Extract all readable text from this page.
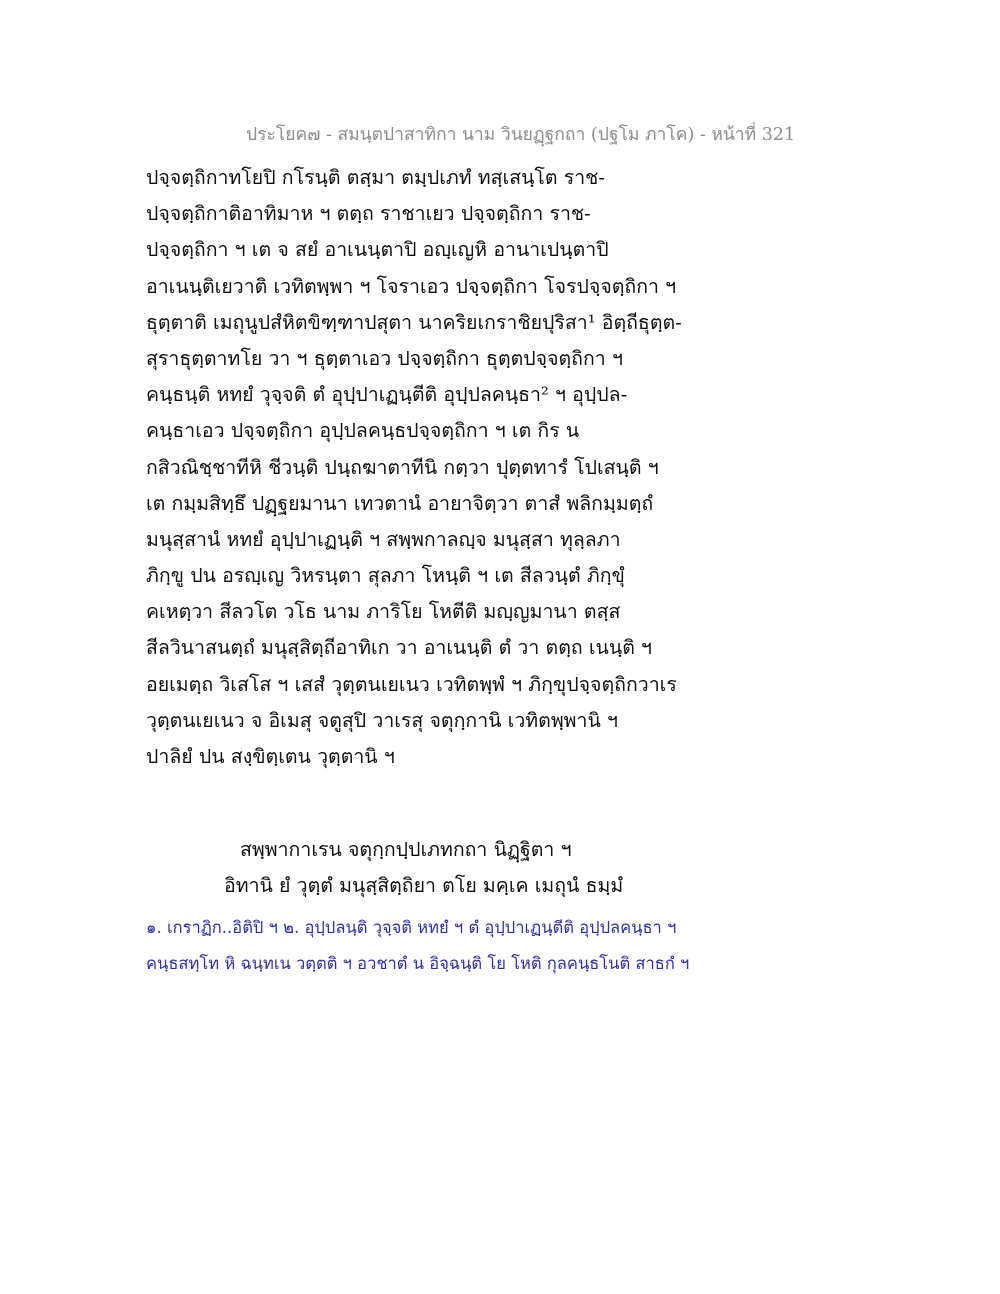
ประโยค๗ - สมนฺตปาสาทิกา นาม วินยฏฺฐกถา (ปฐโม ภาโค) - หน้าที่ 321
ปจฺจตฺถิกาทโยปิ กโรนฺติ ตสฺมา ตมฺปเภทํ ทสฺเสนฺโต ราช-
ปจฺจตฺถิกาติอาทิมาห ฯ ตตฺถ ราชาเยว ปจฺจตฺถิกา ราช-
ปจฺจตฺถิกา ฯ เต จ สยํ อาเนนฺตาปิ อญฺเญหิ อานาเปนฺตาปิ
อาเนนฺติเยวาติ เวทิตพฺพา ฯ โจราเอว ปจฺจตฺถิกา โจรปจฺจตฺถิกา ฯ
ธุตฺตาติ เมถุนูปสํหิตขิฑฺฑาปสุตา นาคริยเกราชิยปุริสา¹ อิตฺถีธุตฺต-
สุราธุตฺตาทโย วา ฯ ธุตฺตาเอว ปจฺจตฺถิกา ธุตฺตปจฺจตฺถิกา ฯ
คนฺธนฺติ หทยํ วุจฺจติ ตํ อุปฺปาเฏนฺตีติ อุปฺปลคนฺธา² ฯ อุปฺปล-
คนฺธาเอว ปจฺจตฺถิกา อุปฺปลคนฺธปจฺจตฺถิกา ฯ เต กิร น
กสิวณิชฺชาทีหิ ชีวนฺติ ปนฺถฆาตาทีนิ กตฺวา ปุตฺตทารํ โปเสนฺติ ฯ
เต กมฺมสิทฺธึ ปฏฺฐยมานา เทวตานํ อายาจิตฺวา ตาสํ พลิกมฺมตฺถํ
มนุสฺสานํ หทยํ อุปฺปาเฏนฺติ ฯ สพฺพกาลญฺจ มนุสฺสา ทุลฺลภา
ภิกฺขู ปน อรญฺเญ วิหรนฺตา สุลภา โหนฺติ ฯ เต สีลวนฺตํ ภิกฺขุํ
คเหตฺวา สีลวโต วโธ นาม ภาริโย โหตีติ มญฺญมานา ตสฺส
สีลวินาสนตฺถํ มนุสฺสิตฺถีอาทิเก วา อาเนนฺติ ตํ วา ตตฺถ เนนฺติ ฯ
อยเมตฺถ วิเสโส ฯ เสสํ วุตฺตนเยเนว เวทิตพฺพํ ฯ ภิกฺขุปจฺจตฺถิกวาเร
วุตฺตนเยเนว จ อิเมสุ จตูสุปิ วาเรสุ จตุกฺกานิ เวทิตพฺพานิ ฯ
ปาลิยํ ปน สงฺขิตฺเตน วุตฺตานิ ฯ
สพฺพากาเรน จตุกฺกปฺปเภทกถา นิฏฺฐิตา ฯ
อิทานิ ยํ วุตฺตํ มนุสฺสิตฺถิยา ตโย มคฺเค เมถุนํ ธมฺมํ
๑. เกราฏิก..อิติปิ ฯ ๒. อุปฺปลนฺติ วุจฺจติ หทยํ ฯ ตํ อุปฺปาเฏนฺตีติ อุปฺปลคนฺธา ฯ
คนฺธสทฺโท หิ ฉนฺทเน วตฺตติ ฯ อวชาตํ น อิจฺฉนฺติ โย โหติ กุลคนฺธโนติ สาธกํ ฯ
